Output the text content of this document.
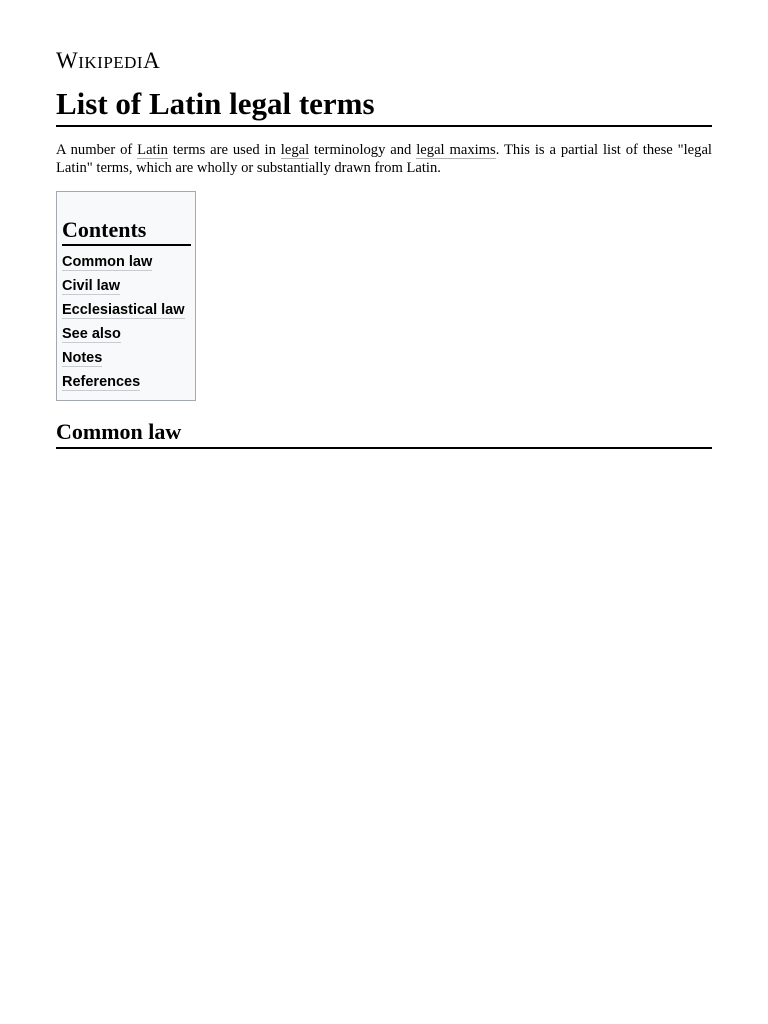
WIKIPEDIA
List of Latin legal terms

A number of Latin terms are used in legal terminology and legal maxims. This is a partial list of these "legal Latin" terms, which are wholly or substantially drawn from Latin.

Contents
Common law
Civil law
Ecclesiastical law
See also
Notes
References
Common law
